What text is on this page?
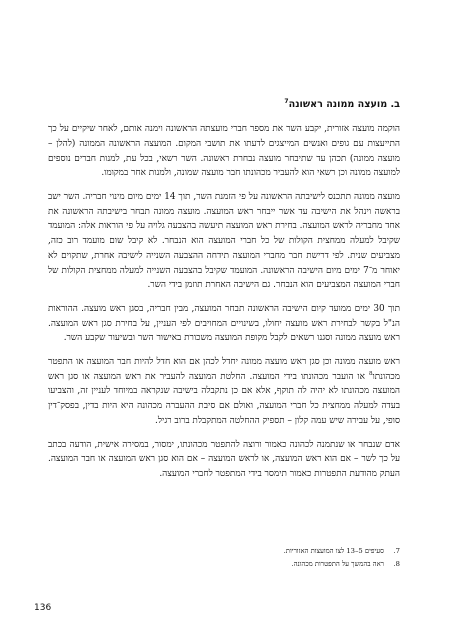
ב. מועצה ממונה ראשונה$^7$

הוקמה מועצה אזורית, יקבע השר את מספר חברי מועצתה הראשונה וימנה אותם, לאחר שיקיים על כך התייעצות עם גופים ואנשים המייצגים לדעתו את תושבי המקום. המועצה הראשונה הממונה (להלן – מועצה ממונה) תכהן עד שתיבחר מועצה נבחרת ראשונה. השר רשאי, בכל עת, למנות חברים נוספים למועצה ממונה וכן רשאי הוא להעביר מכהונתו חבר מועצה שמונה, ולמנות אחר במקומו.

מועצה ממונה תתכנס לישיבתה הראשונה על פי הזמנת השר, תוך 14 ימים מיום מינוי חבריה. השר ישב בראשה וינהל את הישיבה עד אשר ייבחר ראש המועצה. מועצה ממונה תבחר בישיבתה הראשונה את אחד מחבריה לראש המועצה. בחירת ראש המועצה תיעשה בהצבעה גלויה על פי הוראות אלה: המועמד שקיבל למעלה ממחצית הקולות של כל חברי המועצה הוא הנבחר. לא קיבל שום מועמד רוב כזה, מצביעים שנית. לפי דרישת חבר מחברי המועצה תידחה ההצבעה השנייה לישיבה אחרת, שתקוים לא יאוחר מ־7 ימים מיום הישיבה הראשונה. המועמד שקיבל בהצבעה השנייה למעלה ממחצית הקולות של חברי המועצה המצביעים הוא הנבחר. גם הישיבה האחרת תוזמן בידי השר.

תוך 30 ימים ממועד קיום הישיבה הראשונה תבחר המועצה, מבין חבריה, בסגן ראש מועצה. ההוראות הנ"ל בקשר לבחירת ראש מועצה יחולו, בשינויים המחויבים לפי העניין, על בחירת סגן ראש המועצה. ראש מועצה ממונה וסגנו רשאים לקבל מקופת המועצה משכורת באישור השר ובשיעור שקבע השר.

ראש מועצה ממונה וכן סגן ראש מועצה ממונה יחדל לכהן אם הוא חדל להיות חבר המועצה או התפטר מכהונתו$^8$ או הועבר מכהונתו בידי המועצה. החלטת המועצה להעביר את ראש המועצה או סגן ראש המועצה מכהונתו לא יהיה לה תוקף, אלא אם כן נתקבלה בישיבה שנקראה במיוחד לעניין זה, והצביעו בעדה למעלה ממחצית כל חברי המועצה, ואולם אם סיבת ההעברה מכהונה היא היות בדין, בפסק־דין סופי, על עבירה שיש עמה קלון – תספיק ההחלטה המתקבלת ברוב רגיל.

אדם שנבחר או שנתמנה לכהונה כאמור ורוצה להתפטר מכהונתו, ימסור, במסירה אישית, הודעה בכתב על כך לשר – אם הוא ראש המועצה, או לראש המועצה – אם הוא סגן ראש המועצה או חבר המועצה. העתק מהודעת התפטרות כאמור תימסר בידי המתפטר לחברי המועצה.

7.
סעיפים 5–13 לצו המועצות האזוריות.
8.
ראה בהמשך על התפטרות מכהונה.
136
